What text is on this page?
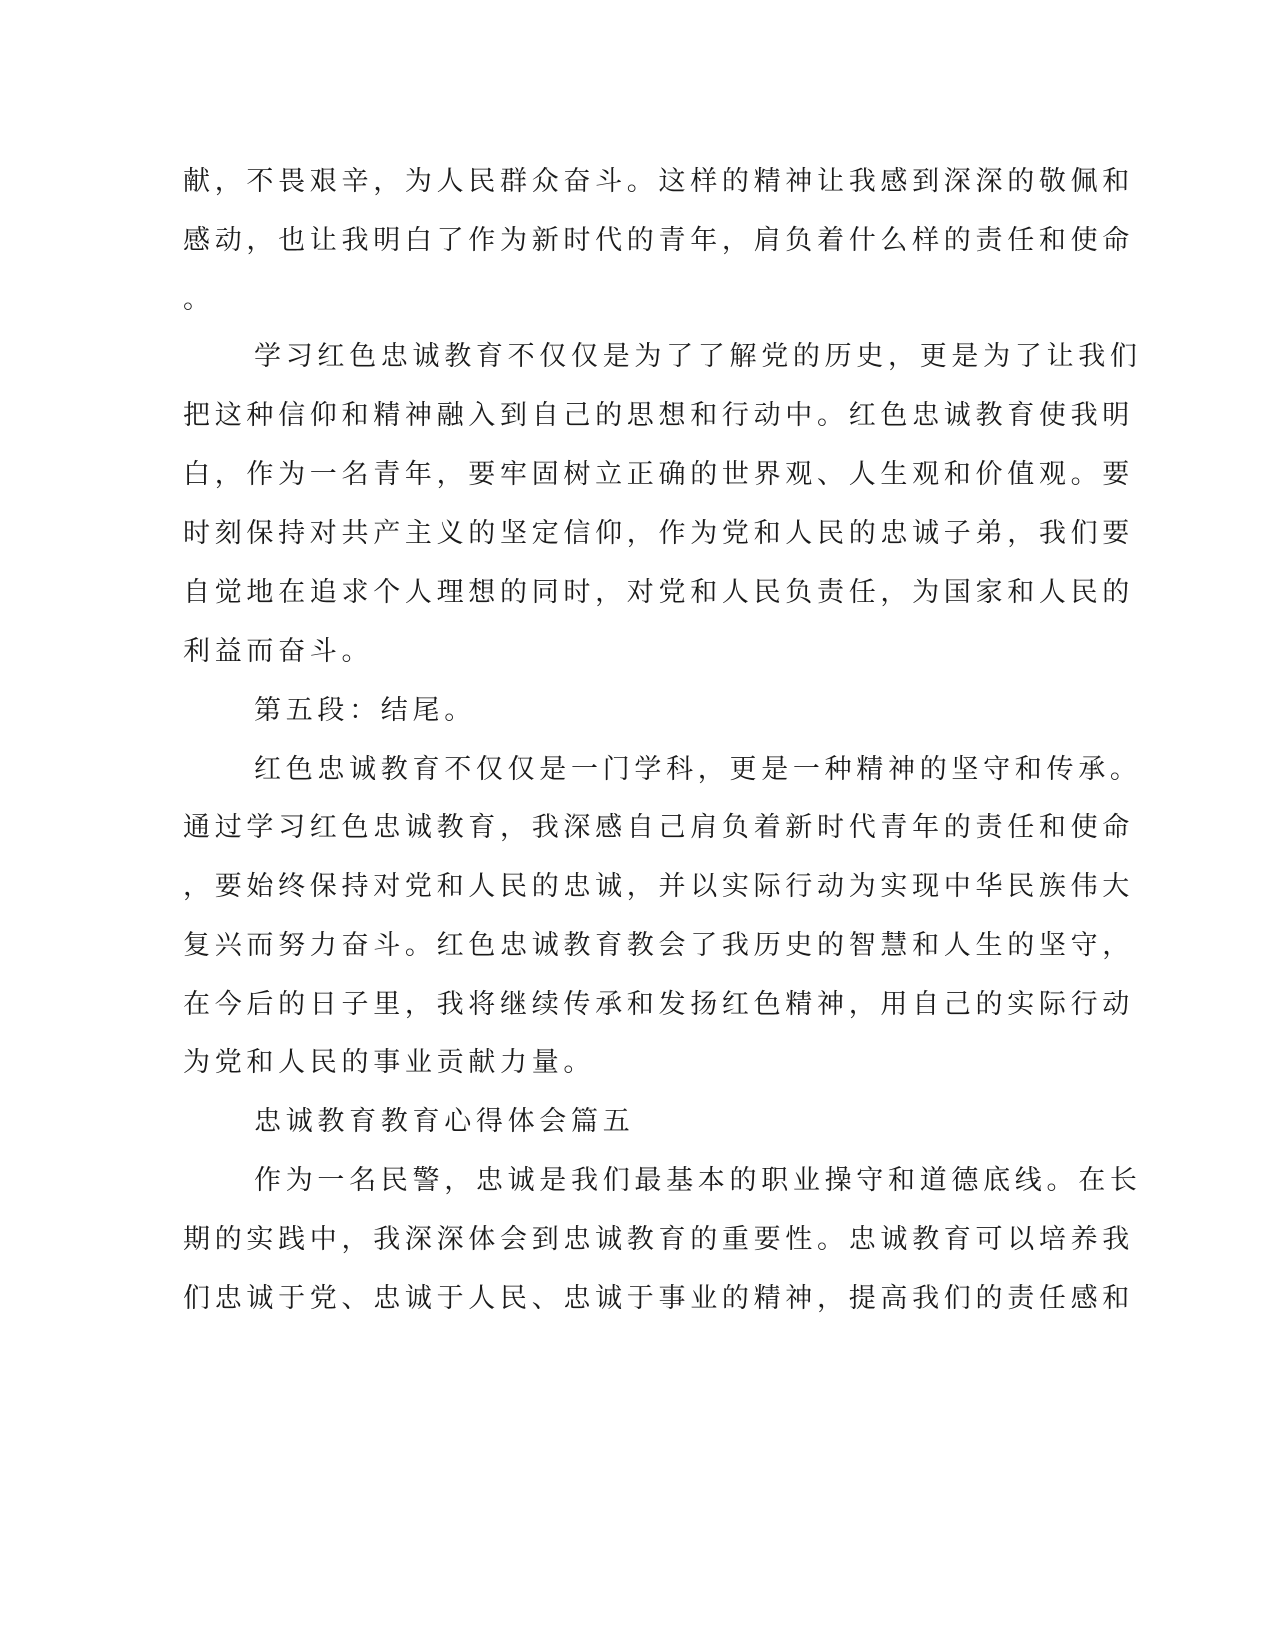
献，不畏艰辛，为人民群众奋斗。这样的精神让我感到深深的敬佩和
感动，也让我明白了作为新时代的青年，肩负着什么样的责任和使命
。
学习红色忠诚教育不仅仅是为了了解党的历史，更是为了让我们
把这种信仰和精神融入到自己的思想和行动中。红色忠诚教育使我明
白，作为一名青年，要牢固树立正确的世界观、人生观和价值观。要
时刻保持对共产主义的坚定信仰，作为党和人民的忠诚子弟，我们要
自觉地在追求个人理想的同时，对党和人民负责任，为国家和人民的
利益而奋斗。
第五段：结尾。
红色忠诚教育不仅仅是一门学科，更是一种精神的坚守和传承。
通过学习红色忠诚教育，我深感自己肩负着新时代青年的责任和使命
，要始终保持对党和人民的忠诚，并以实际行动为实现中华民族伟大
复兴而努力奋斗。红色忠诚教育教会了我历史的智慧和人生的坚守，
在今后的日子里，我将继续传承和发扬红色精神，用自己的实际行动
为党和人民的事业贡献力量。
忠诚教育教育心得体会篇五
作为一名民警，忠诚是我们最基本的职业操守和道德底线。在长
期的实践中，我深深体会到忠诚教育的重要性。忠诚教育可以培养我
们忠诚于党、忠诚于人民、忠诚于事业的精神，提高我们的责任感和
